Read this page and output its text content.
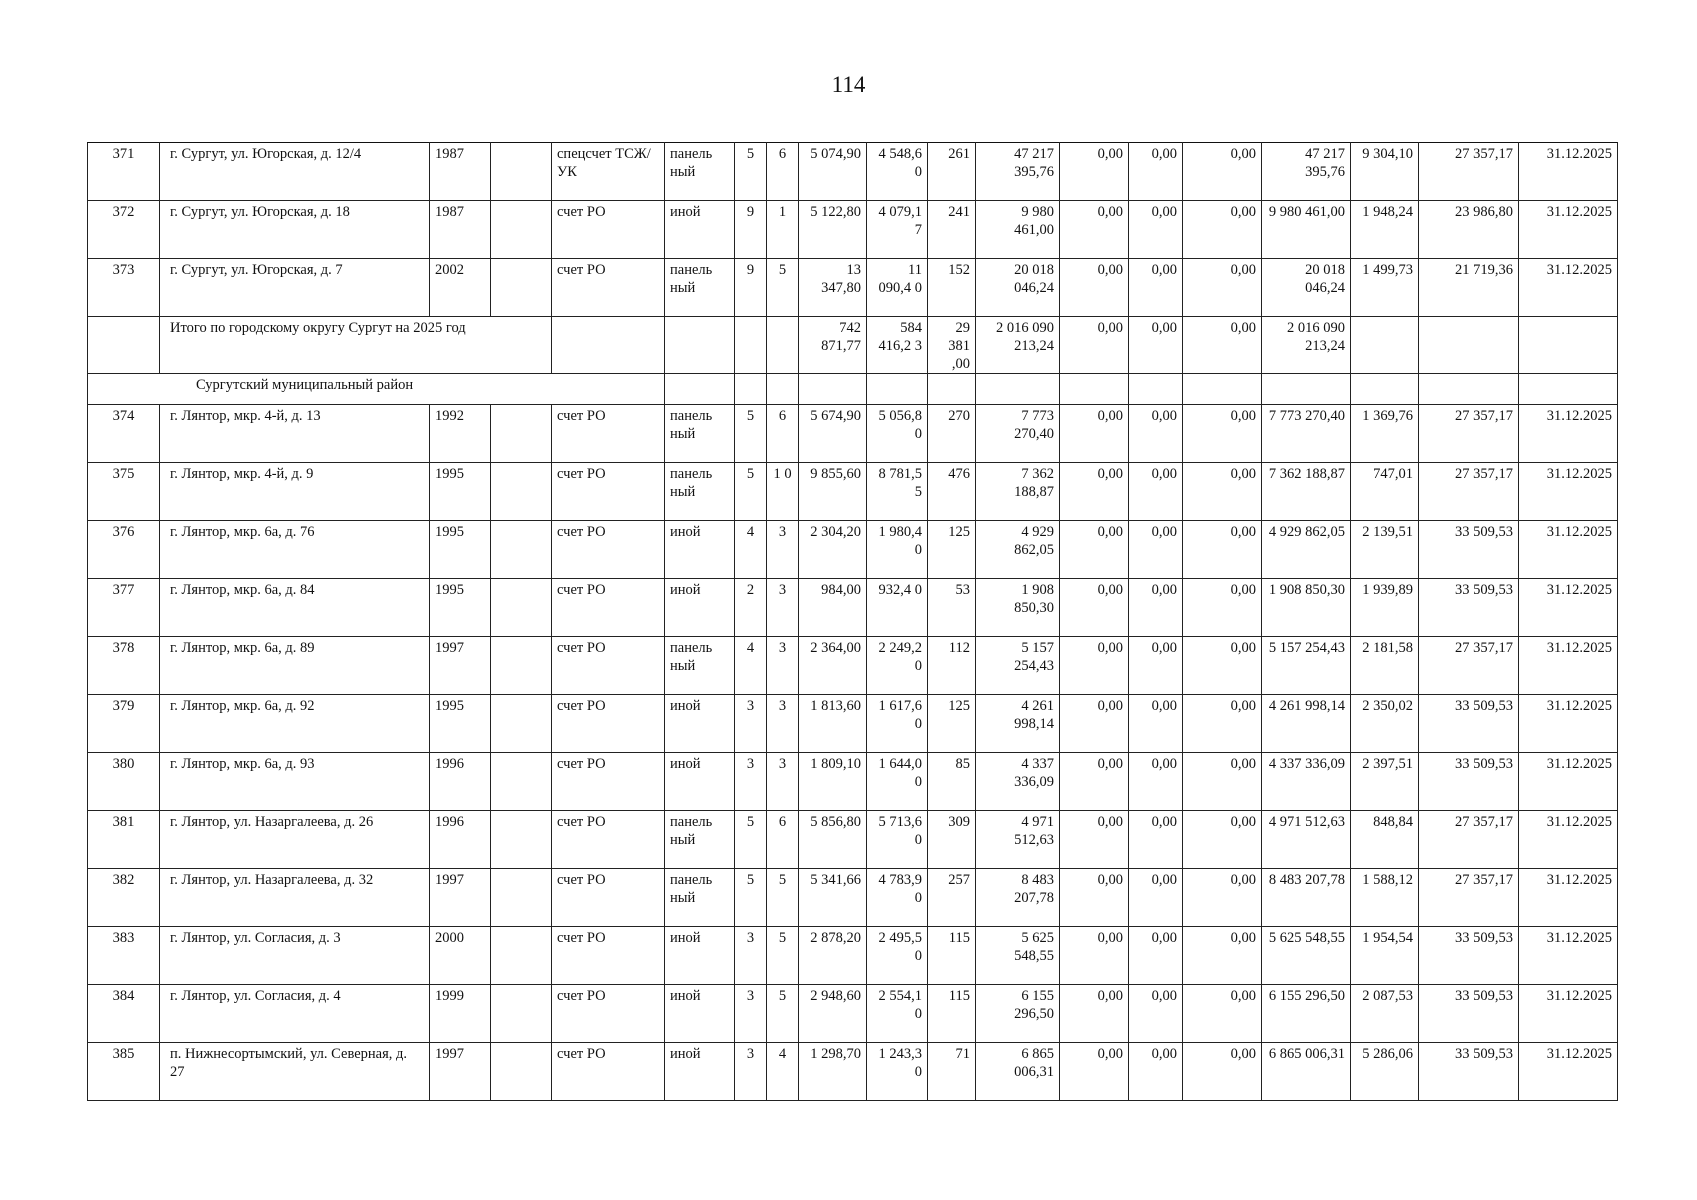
114
371	г. Сургут, ул. Югорская, д. 12/4	1987		спецсчет ТСЖ/УК	панель ный	5	6	5 074,90	4 548,6 0	261	47 217 395,76	0,00	0,00	0,00	47 217 395,76	9 304,10	27 357,17	31.12.2025
372	г. Сургут, ул. Югорская, д. 18	1987		счет РО	иной	9	1	5 122,80	4 079,1 7	241	9 980 461,00	0,00	0,00	0,00	9 980 461,00	1 948,24	23 986,80	31.12.2025
373	г. Сургут, ул. Югорская, д. 7	2002		счет РО	панель ный	9	5	13 347,80	11 090,4 0	152	20 018 046,24	0,00	0,00	0,00	20 018 046,24	1 499,73	21 719,36	31.12.2025
	Итого по городскому округу Сургут на 2025 год							742 871,77	584 416,2 3	29 381 ,00	2 016 090 213,24	0,00	0,00	0,00	2 016 090 213,24			
Сургутский муниципальный район																		
374	г. Лянтор, мкр. 4-й, д. 13	1992		счет РО	панель ный	5	6	5 674,90	5 056,8 0	270	7 773 270,40	0,00	0,00	0,00	7 773 270,40	1 369,76	27 357,17	31.12.2025
375	г. Лянтор, мкр. 4-й, д. 9	1995		счет РО	панель ный	5	1 0	9 855,60	8 781,5 5	476	7 362 188,87	0,00	0,00	0,00	7 362 188,87	747,01	27 357,17	31.12.2025
376	г. Лянтор, мкр. 6а, д. 76	1995		счет РО	иной	4	3	2 304,20	1 980,4 0	125	4 929 862,05	0,00	0,00	0,00	4 929 862,05	2 139,51	33 509,53	31.12.2025
377	г. Лянтор, мкр. 6а, д. 84	1995		счет РО	иной	2	3	984,00	932,4 0	53	1 908 850,30	0,00	0,00	0,00	1 908 850,30	1 939,89	33 509,53	31.12.2025
378	г. Лянтор, мкр. 6а, д. 89	1997		счет РО	панель ный	4	3	2 364,00	2 249,2 0	112	5 157 254,43	0,00	0,00	0,00	5 157 254,43	2 181,58	27 357,17	31.12.2025
379	г. Лянтор, мкр. 6а, д. 92	1995		счет РО	иной	3	3	1 813,60	1 617,6 0	125	4 261 998,14	0,00	0,00	0,00	4 261 998,14	2 350,02	33 509,53	31.12.2025
380	г. Лянтор, мкр. 6а, д. 93	1996		счет РО	иной	3	3	1 809,10	1 644,0 0	85	4 337 336,09	0,00	0,00	0,00	4 337 336,09	2 397,51	33 509,53	31.12.2025
381	г. Лянтор, ул. Назаргалеева, д. 26	1996		счет РО	панель ный	5	6	5 856,80	5 713,6 0	309	4 971 512,63	0,00	0,00	0,00	4 971 512,63	848,84	27 357,17	31.12.2025
382	г. Лянтор, ул. Назаргалеева, д. 32	1997		счет РО	панель ный	5	5	5 341,66	4 783,9 0	257	8 483 207,78	0,00	0,00	0,00	8 483 207,78	1 588,12	27 357,17	31.12.2025
383	г. Лянтор, ул. Согласия, д. 3	2000		счет РО	иной	3	5	2 878,20	2 495,5 0	115	5 625 548,55	0,00	0,00	0,00	5 625 548,55	1 954,54	33 509,53	31.12.2025
384	г. Лянтор, ул. Согласия, д. 4	1999		счет РО	иной	3	5	2 948,60	2 554,1 0	115	6 155 296,50	0,00	0,00	0,00	6 155 296,50	2 087,53	33 509,53	31.12.2025
385	п. Нижнесортымский, ул. Северная, д. 27	1997		счет РО	иной	3	4	1 298,70	1 243,3 0	71	6 865 006,31	0,00	0,00	0,00	6 865 006,31	5 286,06	33 509,53	31.12.2025
